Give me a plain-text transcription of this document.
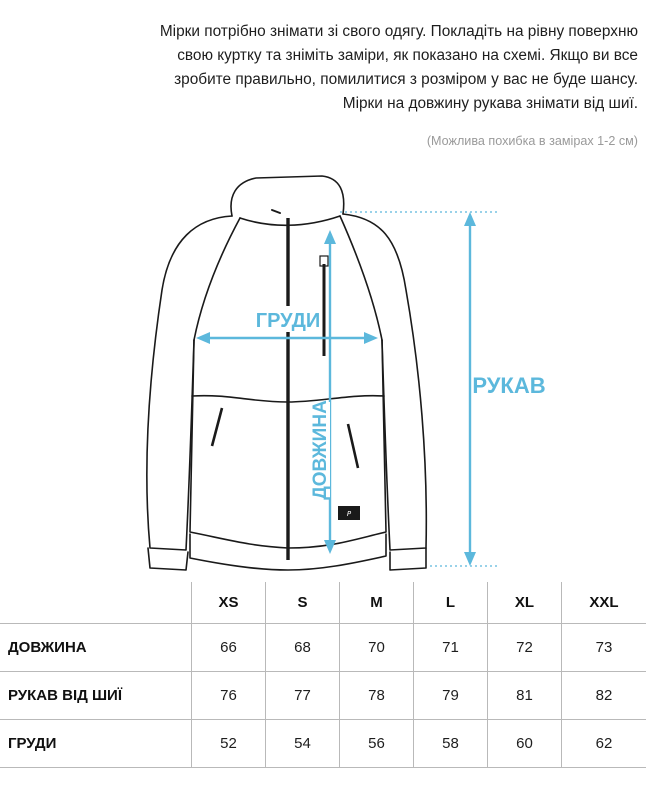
Мірки потрібно знімати зі свого одягу. Покладіть на рівну поверхню

свою куртку та зніміть заміри, як показано на схемі. Якщо ви все

зробите правильно, помилитися з розміром у вас не буде шансу.

Мірки на довжину рукава знімати від шиї.

(Можлива похибка в замірах 1-2 см)
P
ГРУДИ
ДОВЖИНА
РУКАВ
XS	S	M	L	XL	XXL
ДОВЖИНА	66	68	70	71	72	73
РУКАВ ВІД ШИЇ	76	77	78	79	81	82
ГРУДИ	52	54	56	58	60	62
